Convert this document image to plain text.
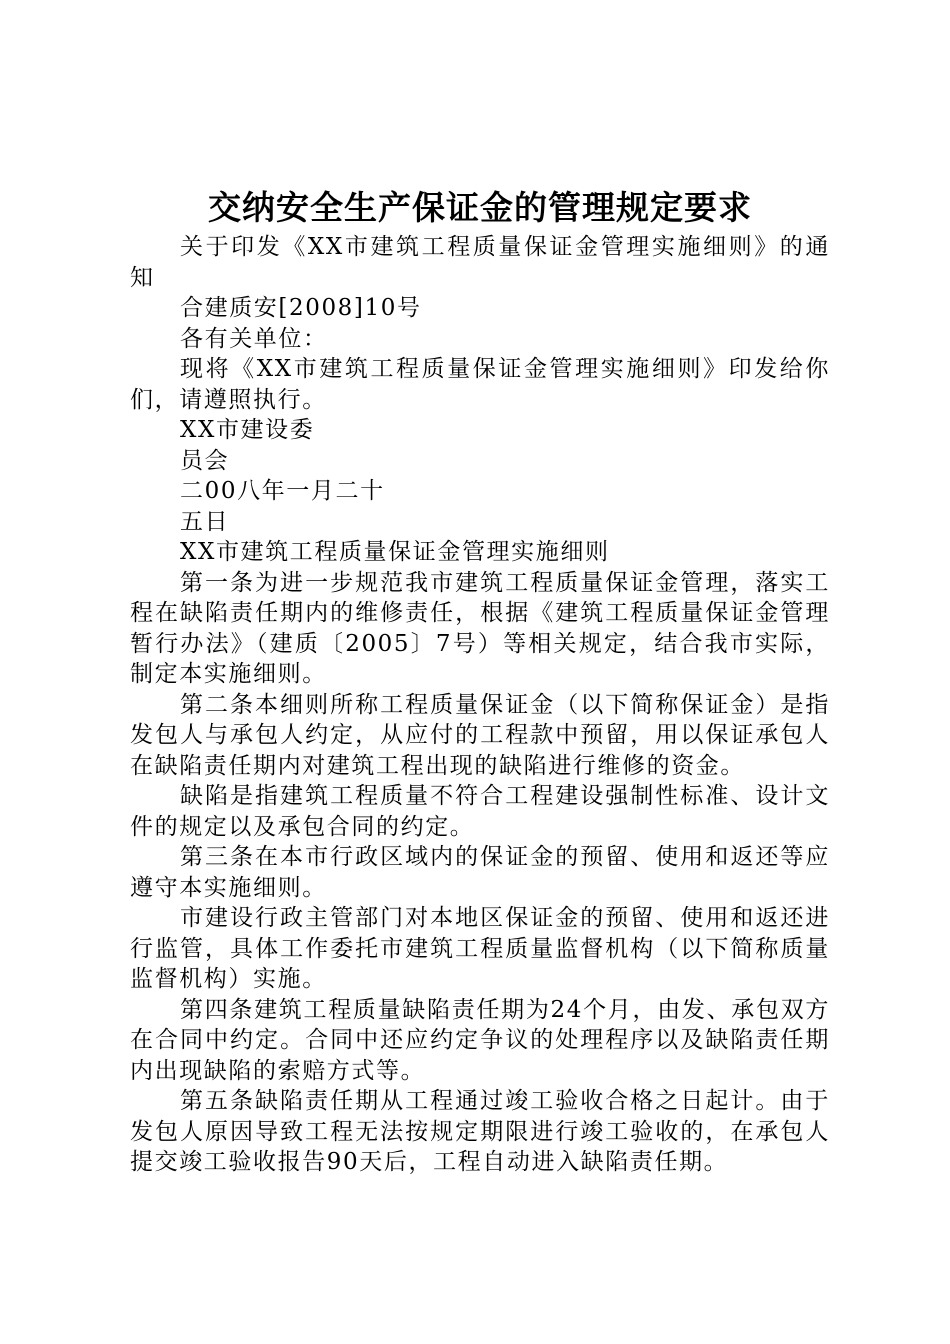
交纳安全生产保证金的管理规定要求

关于印发《XX市建筑工程质量保证金管理实施细则》的通知

合建质安[2008]10号

各有关单位：

现将《XX市建筑工程质量保证金管理实施细则》印发给你们，请遵照执行。

XX市建设委

员会

二00八年一月二十

五日

XX市建筑工程质量保证金管理实施细则

第一条为进一步规范我市建筑工程质量保证金管理，落实工程在缺陷责任期内的维修责任，根据《建筑工程质量保证金管理暂行办法》（建质〔2005〕7号）等相关规定，结合我市实际，制定本实施细则。

第二条本细则所称工程质量保证金（以下简称保证金）是指发包人与承包人约定，从应付的工程款中预留，用以保证承包人在缺陷责任期内对建筑工程出现的缺陷进行维修的资金。

缺陷是指建筑工程质量不符合工程建设强制性标准、设计文件的规定以及承包合同的约定。

第三条在本市行政区域内的保证金的预留、使用和返还等应遵守本实施细则。

市建设行政主管部门对本地区保证金的预留、使用和返还进行监管，具体工作委托市建筑工程质量监督机构（以下简称质量监督机构）实施。

第四条建筑工程质量缺陷责任期为24个月，由发、承包双方在合同中约定。合同中还应约定争议的处理程序以及缺陷责任期内出现缺陷的索赔方式等。

第五条缺陷责任期从工程通过竣工验收合格之日起计。由于发包人原因导致工程无法按规定期限进行竣工验收的，在承包人提交竣工验收报告90天后，工程自动进入缺陷责任期。
